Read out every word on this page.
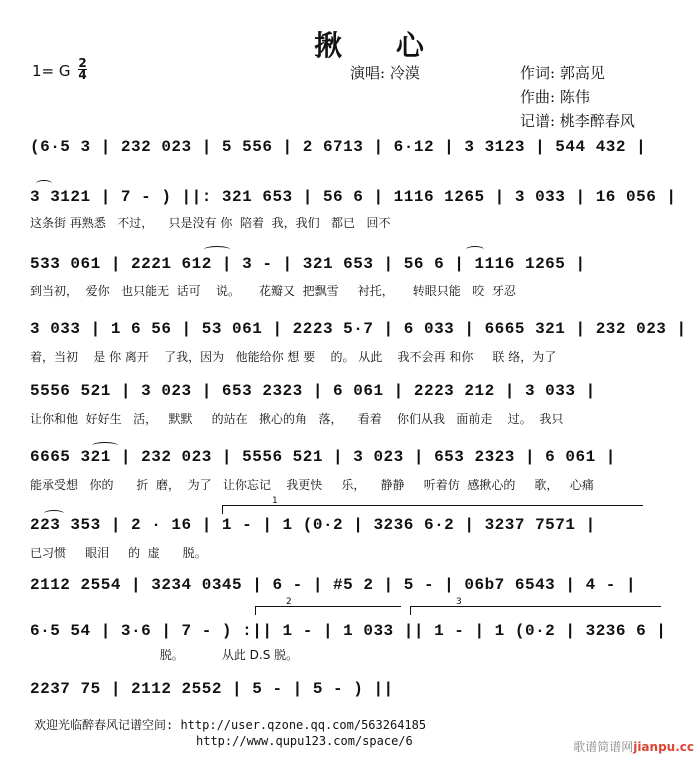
揪 心
1= G 2
4	演唱: 冷漠	作词: 郭高见
作曲: 陈伟
记谱: 桃李醉春风
(6·5 3 | 232 023 | 5 556 | 2 6713 | 6·12 | 3 3123 | 544 432 |
3 3121 | 7 - ) ||: 321 653 | 56 6 | 1116 1265 | 3 033 | 16 056 |
这条街 再熟悉   不过，    只是没有 你  陪着  我，我们   都已   回不
533 061 | 2221 612 | 3 - | 321 653 | 56 6 | 1116 1265 |
到当初，  爱你   也只能无  话可    说。     花瓣又  把飘雪     衬托，     转眼只能   咬  牙忍
3 033 | 1 6 56 | 53 061 | 2223 5·7 | 6 033 | 6665 321 | 232 023 |
着，当初    是 你 离开    了我，因为   他能给你 想 要    的。 从此    我不会再 和你     联 络，为了
5556 521 | 3 023 | 653 2323 | 6 061 | 2223 212 | 3 033 |
让你和他  好好生   活，   默默     的站在   揪心的角   落，    看着    你们从我   面前走    过。  我只
6665 321 | 232 023 | 5556 521 | 3 023 | 653 2323 | 6 061 |
能承受想   你的      折  磨，  为了   让你忘记    我更快     乐，    静静     听着仿  感揪心的     歌，   心痛
1
223 353 | 2 · 16 | 1 - | 1 (0·2 | 3236 6·2 | 3237 7571 |
已习惯     眼泪     的  虚      脱。
2112 2554 | 3234 0345 | 6 - | #5 2 | 5 - | 06b7 6543 | 4 - |
2	3
6·5 54 | 3·6 | 7 - ) :|| 1 - | 1 033 || 1 - | 1 (0·2 | 3236 6 |
脱。          从此 D.S 脱。
2237 75 | 2112 2552 | 5 - | 5 - ) ||
欢迎光临醉春风记谱空间: http://user.qzone.qq.com/563264185
http://www.qupu123.com/space/6	歌谱简谱网jianpu.cc
